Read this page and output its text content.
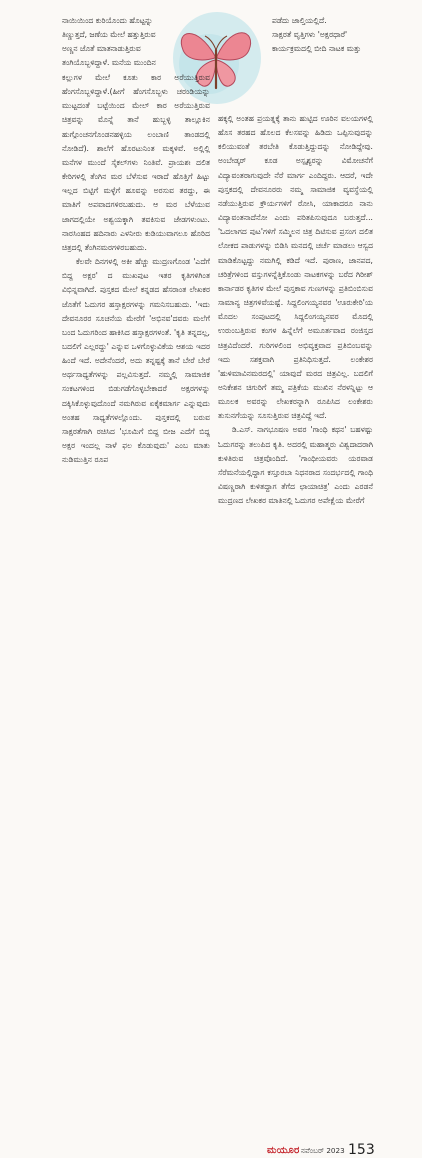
ನಾಯಿಯಿಂದ ಕುರಿಯೊಂದು ಹೊಟ್ಟನ್ನು
ತಿಣ್ಣುತ್ತದೆ, ಜಣೆಯ ಮೇಲೆ ಹತ್ತುತ್ತಿರುವ
ಅಣ್ಣನ ಜೊತೆ ಮಾತನಾಡುತ್ತಿರುವ
ತಂಗಿಯೊಬ್ಬಳಿದ್ದಾಳೆ. ಮನೆಯ ಮುಂದಿನ

ಕಲ್ಲುಗಳ ಮೇಲೆ ಕೂತು ಕಾರ ಅರೆಯುತ್ತಿರುವ ಹೆಂಗಸೊಬ್ಬಳಿದ್ದಾಳೆ.(ಹೀಗೆ ಹೆಂಗಸೊಬ್ಬಳು ಚರಂಡಿಯನ್ನು ಮುಟ್ಟದಂತೆ ಬಟ್ಟೆಯಿಂದ ಮೇಲ್ ಕಾರ ಅರೆಯುತ್ತಿರುವ ಚಿತ್ರವನ್ನು ಮೊನ್ನೆ ತಾನೆ ಹುಬ್ಬಳ್ಳಿ ತಾಲ್ಲೂಕಿನ ಹುಗ್ಗೊಂಚನಗೊಂಡನಹಳ್ಳಿಯ ಲಂಬಾಣಿ ತಾಂಡದಲ್ಲಿ ನೋಡಿದೆ). ಶಾಲೆಗೆ ಹೊರಟುನಿಂತ ಮಕ್ಕಳಿವೆ. ಅಲ್ಲಿಲ್ಲಿ ಮನೆಗಳ ಮುಂದೆ ಸೈಕಲ್‌ಗಳು ನಿಂತಿವೆ. ಪ್ರಾಯಶಃ ದಲಿತ ಕೇರಿಗಳಲ್ಲಿ ತೆಂಗಿನ ಮರ ಬೆಳೆಸುವ ಇರಾದೆ ಹೊತ್ತಿಗೆ ಹಿಟ್ಟು ಇಲ್ಲದ ಬಿಟ್ಟಿಗೆ ಮಳ್ಳೆಗೆ ಹೂವನ್ನು ಅರಸುವ ತರದ್ದು, ಈ ಮಾತಿಗೆ ಅಪವಾದಗಳಿರಬಹುದು. ಆ ಮರ ಬೆಳೆಯುವ ಜಾಗದಲ್ಲಿಯೇ ಅಶ್ವಯಕ್ಕಾಗಿ ತವಕಿಸುವ ಜೇಡಗಳುಂಟು. ನಾರಸಿಂಹದ ಹದಿನಾರು ಎಳನೀರು ಕುಡಿಯುವಾಗಲೂ ಹೊರಿದ ಚಿತ್ರದಲ್ಲಿ ತೆಂಗಿನಮರಗಳಿರಬಹುದು.

ಕೆಲವೇ ದಿನಗಳಲ್ಲಿ ಅಕೀ ಹೆಚ್ಚು ಮುದ್ರಣಗೊಂಡ 'ಎದೆಗೆ ಬಿದ್ದ ಅಕ್ಷರ' ದ ಮುಖಪುಟ ಇತರ ಕೃತಿಗಳಿಗಿಂತ ವಿಭಿನ್ನವಾಗಿದೆ. ಪುಸ್ತಕದ ಮೇಲೆ ಕನ್ನಡದ ಹೆಸರಾಂತ ಲೇಖಕರ ಜೊತೆಗೆ ಓದುಗರ ಹಸ್ತಾಕ್ಷರಗಳನ್ನು ಗಮನಿಸಬಹುದು. 'ಇದು ದೇವನೂರರ ಸೂಚನೆಯ ಮೇರೆಗೆ 'ಅಭಿನವ'ದವರು ಮಲೆಗೆ ಬಂದ ಓದುಗರಿಂದ ಹಾಕಿಸಿದ ಹಸ್ತಾಕ್ಷರಗಳಂತೆ. 'ಕೃತಿ ತನ್ನದಲ್ಲ, ಬದಲಿಗೆ ಎಲ್ಲರದ್ದು' ಎನ್ನುವ ಒಳಗೊಳ್ಳುವಿಕೆಯ ಆಶಯ ಇದರ ಹಿಂದೆ ಇದೆ. ಅದೇನೆಂದರೆ, ಅದು ತನ್ನಷ್ಟಕ್ಕೆ ತಾನೆ ಬೇರೆ ಬೇರೆ ಅರ್ಥಸಾಧ್ಯತೆಗಳನ್ನು ಪಲ್ಲವಿಸುತ್ತದೆ. ನಮ್ಮಲ್ಲಿ ಸಾಮಾಜಿಕ ಸಂಕಟಗಳಿಂದ ಬಿಡುಗಡೆಗೊಳ್ಳಬೇಕಾದರೆ ಅಕ್ಷರಗಳನ್ನು ದಕ್ಕಿಸಿಕೊಳ್ಳುವುದೊಂದೆ ನಮಗಿರುವ ಏಕೈಕಮಾರ್ಗ ಎನ್ನುವುದು ಅಂತಹ ಸಾಧ್ಯತೆಗಳಲ್ಲೊಂದು. ಪುಸ್ತಕದಲ್ಲಿ ಬರುವ ಸಾಕ್ಷರತೆಗಾಗಿ ರಚಿಸಿದ 'ಭೂಮಿಗೆ ಬಿದ್ದ ಬೀಜ ಎದೆಗೆ ಬಿದ್ದ ಅಕ್ಷರ ಇಂದಲ್ಲ ನಾಳೆ ಫಲ ಕೊಡುವುದು' ಎಂಬ ಮಾತು ನುಡಿಮುತ್ತಿನ ರೂಪ

ಪಡೆದು ಜಾಲ್ತಿಯಲ್ಲಿದೆ.
ಸಾಕ್ಷರತೆ ವೃತ್ತಿಗಳು 'ಅಕ್ಷರಧಾರೆ'
ಕಾರ್ಯಕ್ರಮದಲ್ಲಿ ಬೀದಿ ನಾಟಕ ಮತ್ತು

ಹಕ್ಕಲ್ಲಿ ಅಂತಹ ಪ್ರಯತ್ನಕ್ಕೆ ತಾನು ಹುಟ್ಟಿದ ಊರಿನ ವಲಯಗಳಲ್ಲಿ ಹೊಸ ತರಹದ ಹೊಲದ ಕೆಲಸವನ್ನು ಹಿಡಿದು ಒಪ್ಪಿಸುವುದನ್ನು ಕಲಿಯುವಂತೆ ತರಬೇತಿ ಕೊಡುತ್ತಿದ್ದುದನ್ನು ನೋಡಿದ್ದೇವು. ಅಂಬೇಡ್ಕರ್ ಕೂಡ ಅಸ್ಪೃಶ್ಯರನ್ನು ವಿಮೋಚನೆಗೆ ವಿದ್ಯಾವಂತರಾಗುವುದೇ ನೆರೆ ಮಾರ್ಗ ಎಂದಿದ್ದರು. ಆದರೆ, ಇದೇ ಪುಸ್ತಕದಲ್ಲಿ ದೇವನೂರರು ನಮ್ಮ ಸಾಮಾಜಿಕ ವ್ಯವಸ್ಥೆಯಲ್ಲಿ ನಡೆಯುತ್ತಿರುವ ಕ್ರೌರ್ಯಗಳಿಗೆ ರೋಸಿ, ಯಾಕಾದರೂ ನಾನು ವಿದ್ಯಾವಂತನಾದೆನೋ ಎಂದು ಪರಿತಪಿಸುವುದೂ ಬರುತ್ತದೆ... 'ಓದಲಾಗದ ಪುಟ'ಗಳಿಗೆ ಸಮ್ಮಿಲನ ಚಿತ್ರ ದಿಟಿಸುವ ಪ್ರಸಂಗ ದಲಿತ ಲೋಕದ ಪಾಡುಗಳನ್ನು ಬಿಡಿಸಿ ಮನದಲ್ಲಿ ಚರ್ಚೆ ಮಾಡಲು ಆಸ್ವದ ಮಾಡಿಕೊಟ್ಟದ್ದು ನಮಗಿಲ್ಲಿ ಕಡಿದೆ ಇದೆ. ಪುರಾಣ, ಜಾನಪದ, ಚರಿತ್ರೆಗಳಿಂದ ವಸ್ತುಗಳನ್ನೆತ್ತಿಕೊಂಡು ನಾಟಕಗಳನ್ನು ಬರೆದ ಗಿರೀಶ್ ಕಾರ್ನಾಡರ ಕೃತಿಗಳ ಮೇಲೆ ಪುಸ್ತಕಾವ ಗುಣಗಳನ್ನು ಪ್ರತಿಬಿಂಬಿಸುವ ಸಾಮಾನ್ಯ ಚಿತ್ರಗಳಿವೆಯಷ್ಟೆ. ಸಿದ್ದಲಿಂಗಯ್ಯನವರ 'ಊರುಕೇರಿ'ಯ ಮೊದಲ ಸಂಪುಟದಲ್ಲಿ ಸಿದ್ದಲಿಂಗಯ್ಯನವರ ಮೊದಲ್ಲಿ ಉರುಂಬತ್ತಿರುವ ಕಂಗಳ ಹಿನ್ನೆಲೆಗೆ ಅಮೂರ್ತವಾದ ರಂಜಿಸ್ತದ ಚಿತ್ರವಿದೆಂದರೆ. ಗುರಿಗಳಲಿಂದ ಅಭಿವ್ಯಕ್ತವಾದ ಪ್ರತಿಬಿಂಬವನ್ನು ಇದು ಸಶಕ್ತವಾಗಿ ಪ್ರತಿನಿಧಿಸುತ್ತದೆ. ಲಂಕೇಶರ 'ಹುಳಿಮಾವಿನಮರದಲ್ಲಿ' ಯಾವುದೆ ಮರದ ಚಿತ್ರವಿಲ್ಲ. ಬದಲಿಗೆ ಅನಿಕೇಶನ ಚಿಗುರಿಗೆ ತಮ್ಮ ಪತ್ರಿಕೆಯ ಮುಖಿನ ನೆರಳನ್ನಿಟ್ಟು ಆ ಮೂಲಕ ಅವರನ್ನು ಲೇಖಕರನ್ನಾಗಿ ರೂಪಿಸಿದ ಲಂಕೇಶರು ತುಸುನಗೆಯನ್ನು ಸೂಸುತ್ತಿರುವ ಚಿತ್ರವಿದ್ದೆ ಇದೆ.

ಡಿ.ಎಸ್. ನಾಗಭೂಷಣ ಅವರ 'ಗಾಂಧಿ ಕಥನ' ಬಹಳಷ್ಟು ಓದುಗರನ್ನು ತಲುಪಿದ ಕೃತಿ. ಅದರಲ್ಲಿ ಮಹಾತ್ಮರು ವಿಶ್ವದಾದರಾಗಿ ಕುಳಿತಿರುವ ಚಿತ್ರವೊಂದಿದೆ. 'ಗಾಂಧೀಯವರು ಯರವಾಡ ಸೆರೆಮನೆಯಲ್ಲಿದ್ದಾಗ ಕಸ್ತೂರಬಾ ನಿಧನರಾದ ಸಂದರ್ಭದಲ್ಲಿ ಗಾಂಧಿ ವಿಷಣ್ಣರಾಗಿ ಕುಳಿತದ್ದಾಗ ತೆಗೆದ ಛಾಯಾಚಿತ್ರ' ಎಂದು ಎರಡನೆ ಮುದ್ರಣದ ಲೇಖಕರ ಮಾತಿನಲ್ಲಿ ಓದುಗರ ಅಪೇಕ್ಷೆಯ ಮೇರೆಗೆ

ಮಯೂರ ನವೆಂಬರ್ 2023 153
